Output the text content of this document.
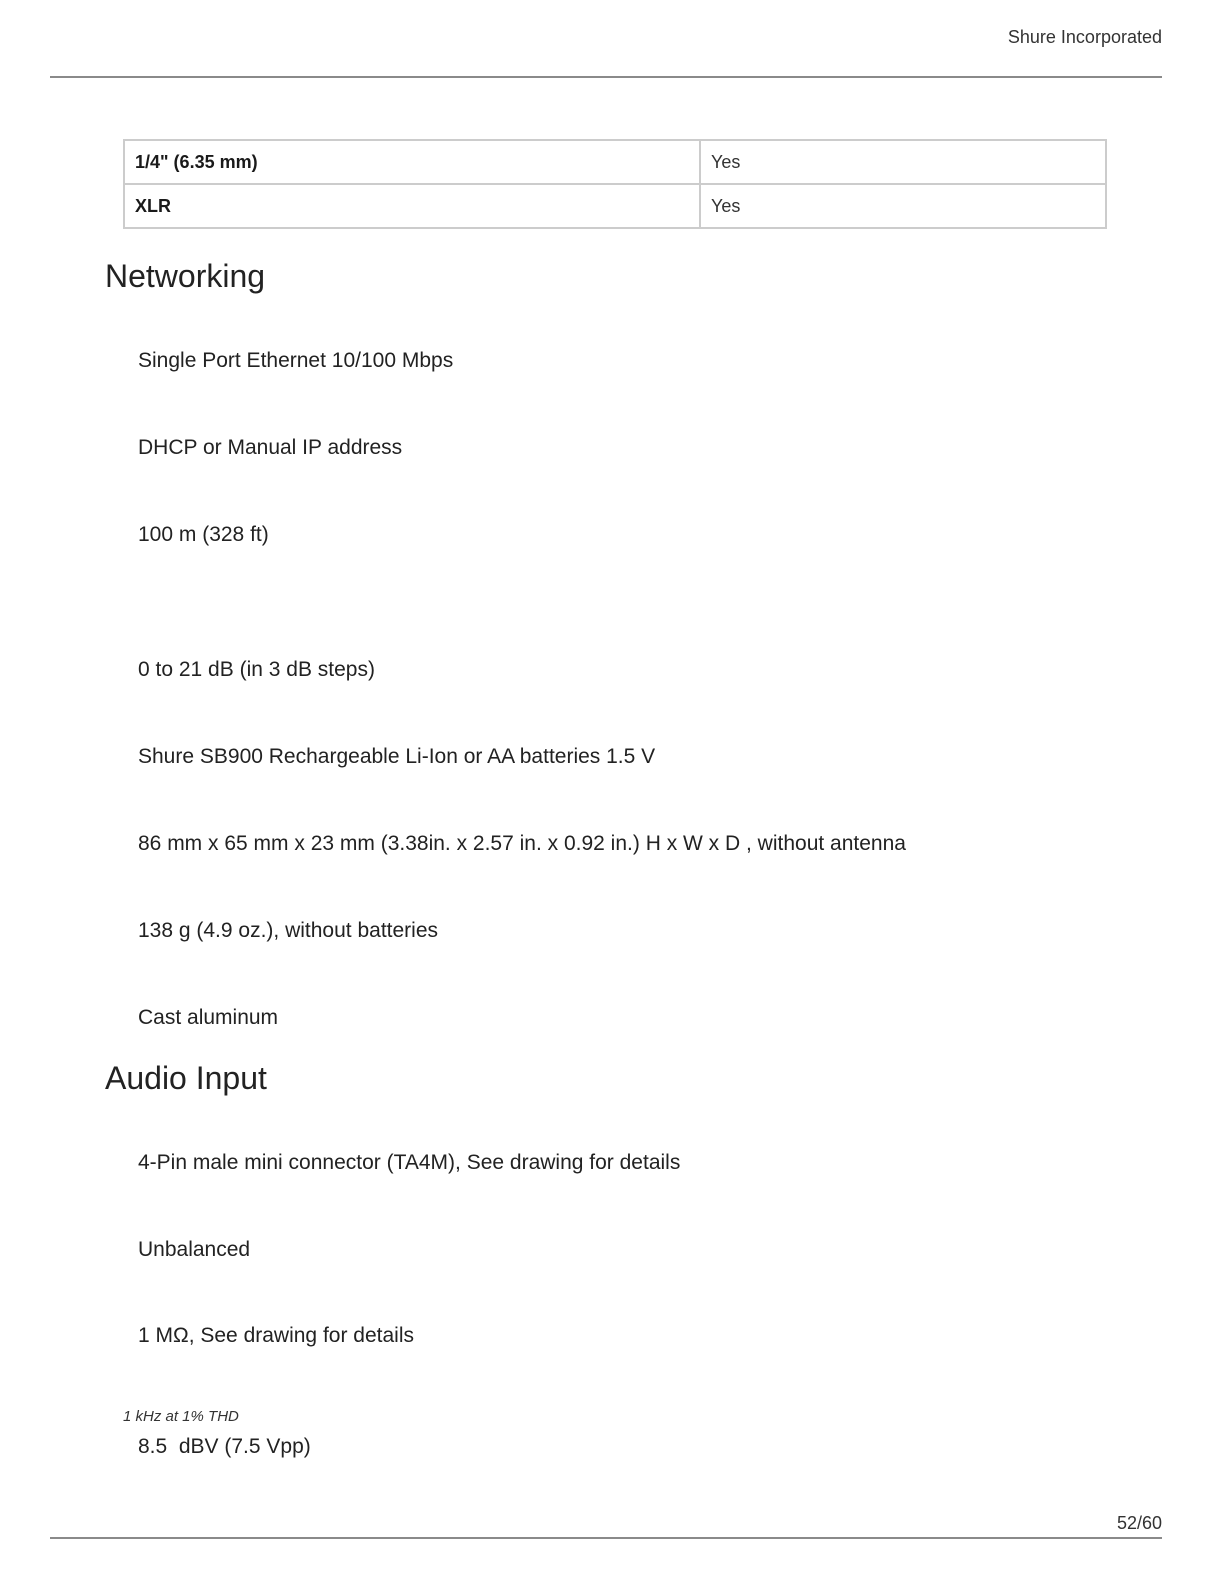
Shure Incorporated
1/4" (6.35 mm)	Yes
XLR	Yes
Networking
Single Port Ethernet 10/100 Mbps
DHCP or Manual IP address
100 m (328 ft)
0 to 21 dB (in 3 dB steps)
Shure SB900 Rechargeable Li-Ion or AA batteries 1.5 V
86 mm x 65 mm x 23 mm (3.38in. x 2.57 in. x 0.92 in.) H x W x D , without antenna
138 g (4.9 oz.), without batteries
Cast aluminum
Audio Input
4-Pin male mini connector (TA4M), See drawing for details
Unbalanced
1 MΩ, See drawing for details
1 kHz at 1% THD
8.5  dBV (7.5 Vpp)
52/60
